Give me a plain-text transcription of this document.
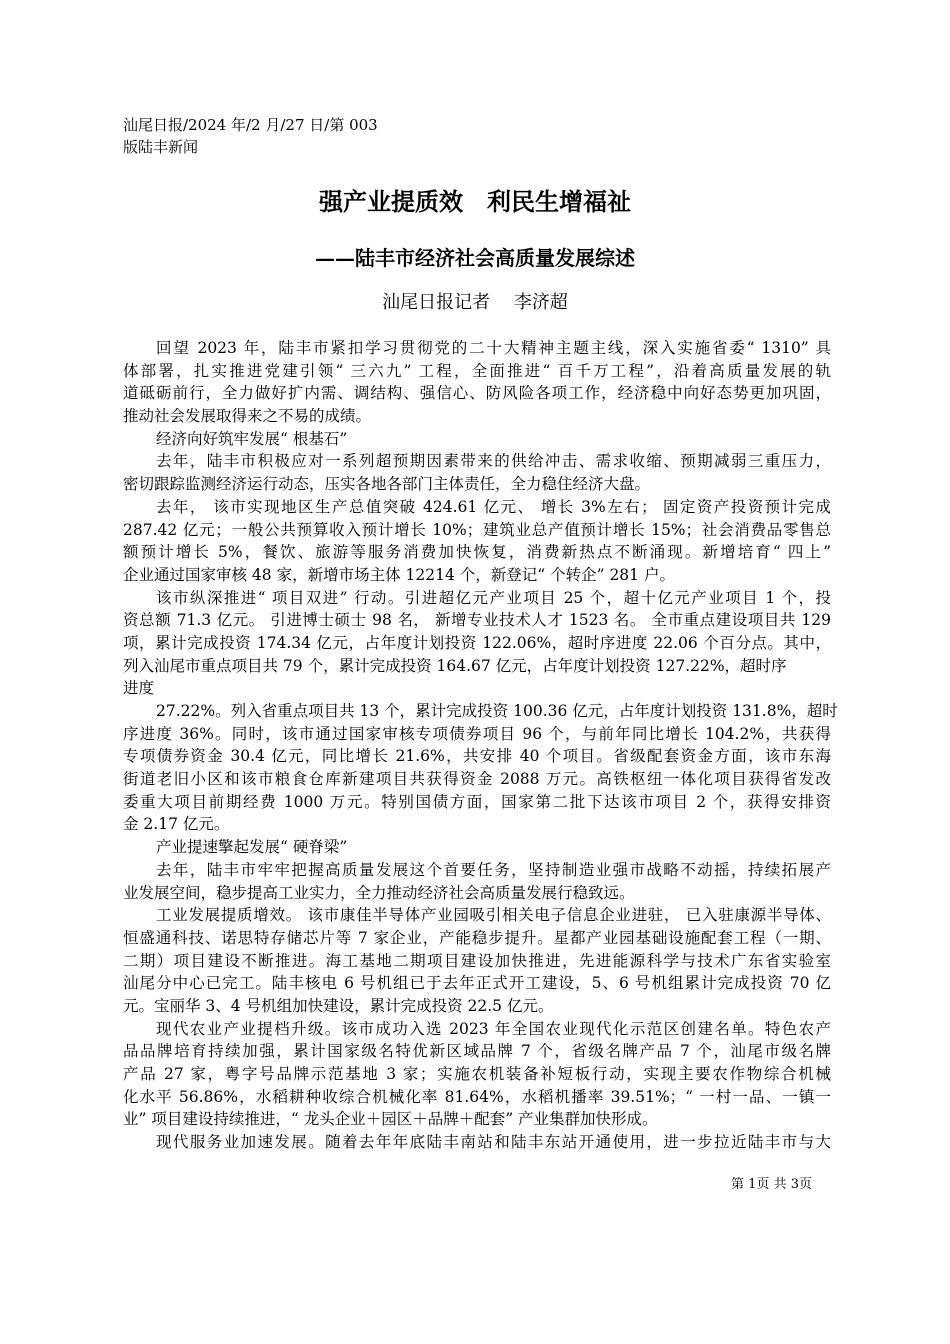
汕尾日报/2024 年/2 月/27 日/第 003
版陆丰新闻
强产业提质效　利民生增福祉
——陆丰市经济社会高质量发展综述
汕尾日报记者　 李济超
回望 2023 年，陆丰市紧扣学习贯彻党的二十大精神主题主线，深入实施省委“ 1310” 具
体部署，扎实推进党建引领“ 三六九” 工程，全面推进“ 百千万工程”，沿着高质量发展的轨
道砥砺前行，全力做好扩内需、调结构、强信心、防风险各项工作，经济稳中向好态势更加巩固，
推动社会发展取得来之不易的成绩。
经济向好筑牢发展“ 根基石”
去年，陆丰市积极应对一系列超预期因素带来的供给冲击、需求收缩、预期减弱三重压力，
密切跟踪监测经济运行动态，压实各地各部门主体责任，全力稳住经济大盘。
去年， 该市实现地区生产总值突破 424.61 亿元、 增长 3%左右； 固定资产投资预计完成
287.42 亿元；一般公共预算收入预计增长 10%；建筑业总产值预计增长 15%；社会消费品零售总
额预计增长 5%，餐饮、旅游等服务消费加快恢复，消费新热点不断涌现。新增培育“ 四上”
企业通过国家审核 48 家，新增市场主体 12214 个，新登记“ 个转企” 281 户。
该市纵深推进“ 项目双进” 行动。引进超亿元产业项目 25 个，超十亿元产业项目 1 个，投
资总额 71.3 亿元。 引进博士硕士 98 名， 新增专业技术人才 1523 名。 全市重点建设项目共 129
项，累计完成投资 174.34 亿元，占年度计划投资 122.06%，超时序进度 22.06 个百分点。其中，
列入汕尾市重点项目共 79 个，累计完成投资 164.67 亿元，占年度计划投资 127.22%，超时序
进度
27.22%。列入省重点项目共 13 个，累计完成投资 100.36 亿元，占年度计划投资 131.8%，超时
序进度 36%。同时，该市通过国家审核专项债券项目 96 个，与前年同比增长 104.2%，共获得
专项债券资金 30.4 亿元，同比增长 21.6%，共安排 40 个项目。省级配套资金方面，该市东海
街道老旧小区和该市粮食仓库新建项目共获得资金 2088 万元。高铁枢纽一体化项目获得省发改
委重大项目前期经费 1000 万元。特别国债方面，国家第二批下达该市项目 2 个，获得安排资
金 2.17 亿元。
产业提速擎起发展“ 硬脊梁”
去年，陆丰市牢牢把握高质量发展这个首要任务，坚持制造业强市战略不动摇，持续拓展产
业发展空间，稳步提高工业实力，全力推动经济社会高质量发展行稳致远。
工业发展提质增效。 该市康佳半导体产业园吸引相关电子信息企业进驻， 已入驻康源半导体、
恒盛通科技、诺思特存储芯片等 7 家企业，产能稳步提升。星都产业园基础设施配套工程（一期、
二期）项目建设不断推进。海工基地二期项目建设加快推进，先进能源科学与技术广东省实验室
汕尾分中心已完工。陆丰核电 6 号机组已于去年正式开工建设，5、6 号机组累计完成投资 70 亿
元。宝丽华 3、4 号机组加快建设，累计完成投资 22.5 亿元。
现代农业产业提档升级。该市成功入选 2023 年全国农业现代化示范区创建名单。特色农产
品品牌培育持续加强，累计国家级名特优新区域品牌 7 个，省级名牌产品 7 个，汕尾市级名牌
产品 27 家，粤字号品牌示范基地 3 家；实施农机装备补短板行动，实现主要农作物综合机械
化水平 56.86%，水稻耕种收综合机械化率 81.64%，水稻机播率 39.51%；“ 一村一品、一镇一
业” 项目建设持续推进，“ 龙头企业＋园区＋品牌＋配套” 产业集群加快形成。
现代服务业加速发展。随着去年年底陆丰南站和陆丰东站开通使用，进一步拉近陆丰市与大
第 1页 共 3页
